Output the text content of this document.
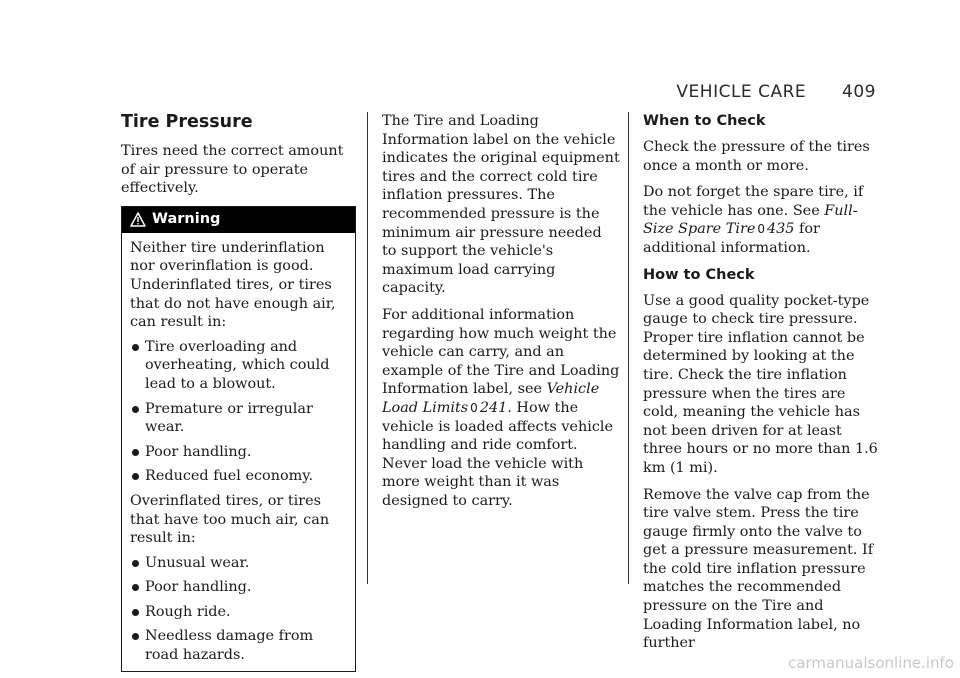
VEHICLE CARE 409
Tire Pressure

Tires need the correct amount of air pressure to operate effectively.

Warning

Neither tire underinflation nor overinflation is good. Underinflated tires, or tires that do not have enough air, can result in:

Tire overloading and overheating, which could lead to a blowout.
Premature or irregular wear.
Poor handling.
Reduced fuel economy.

Overinflated tires, or tires that have too much air, can result in:

Unusual wear.
Poor handling.
Rough ride.
Needless damage from road hazards.

The Tire and Loading Information label on the vehicle indicates the original equipment tires and the correct cold tire inflation pressures. The recommended pressure is the minimum air pressure needed to support the vehicle's maximum load carrying capacity.

For additional information regarding how much weight the vehicle can carry, and an example of the Tire and Loading Information label, see Vehicle Load Limits 0 241. How the vehicle is loaded affects vehicle handling and ride comfort. Never load the vehicle with more weight than it was designed to carry.

When to Check

Check the pressure of the tires once a month or more.

Do not forget the spare tire, if the vehicle has one. See Full-Size Spare Tire 0 435 for additional information.

How to Check

Use a good quality pocket-type gauge to check tire pressure. Proper tire inflation cannot be determined by looking at the tire. Check the tire inflation pressure when the tires are cold, meaning the vehicle has not been driven for at least three hours or no more than 1.6 km (1 mi).

Remove the valve cap from the tire valve stem. Press the tire gauge firmly onto the valve to get a pressure measurement. If the cold tire inflation pressure matches the recommended pressure on the Tire and Loading Information label, no further

carmanualsonline.info
